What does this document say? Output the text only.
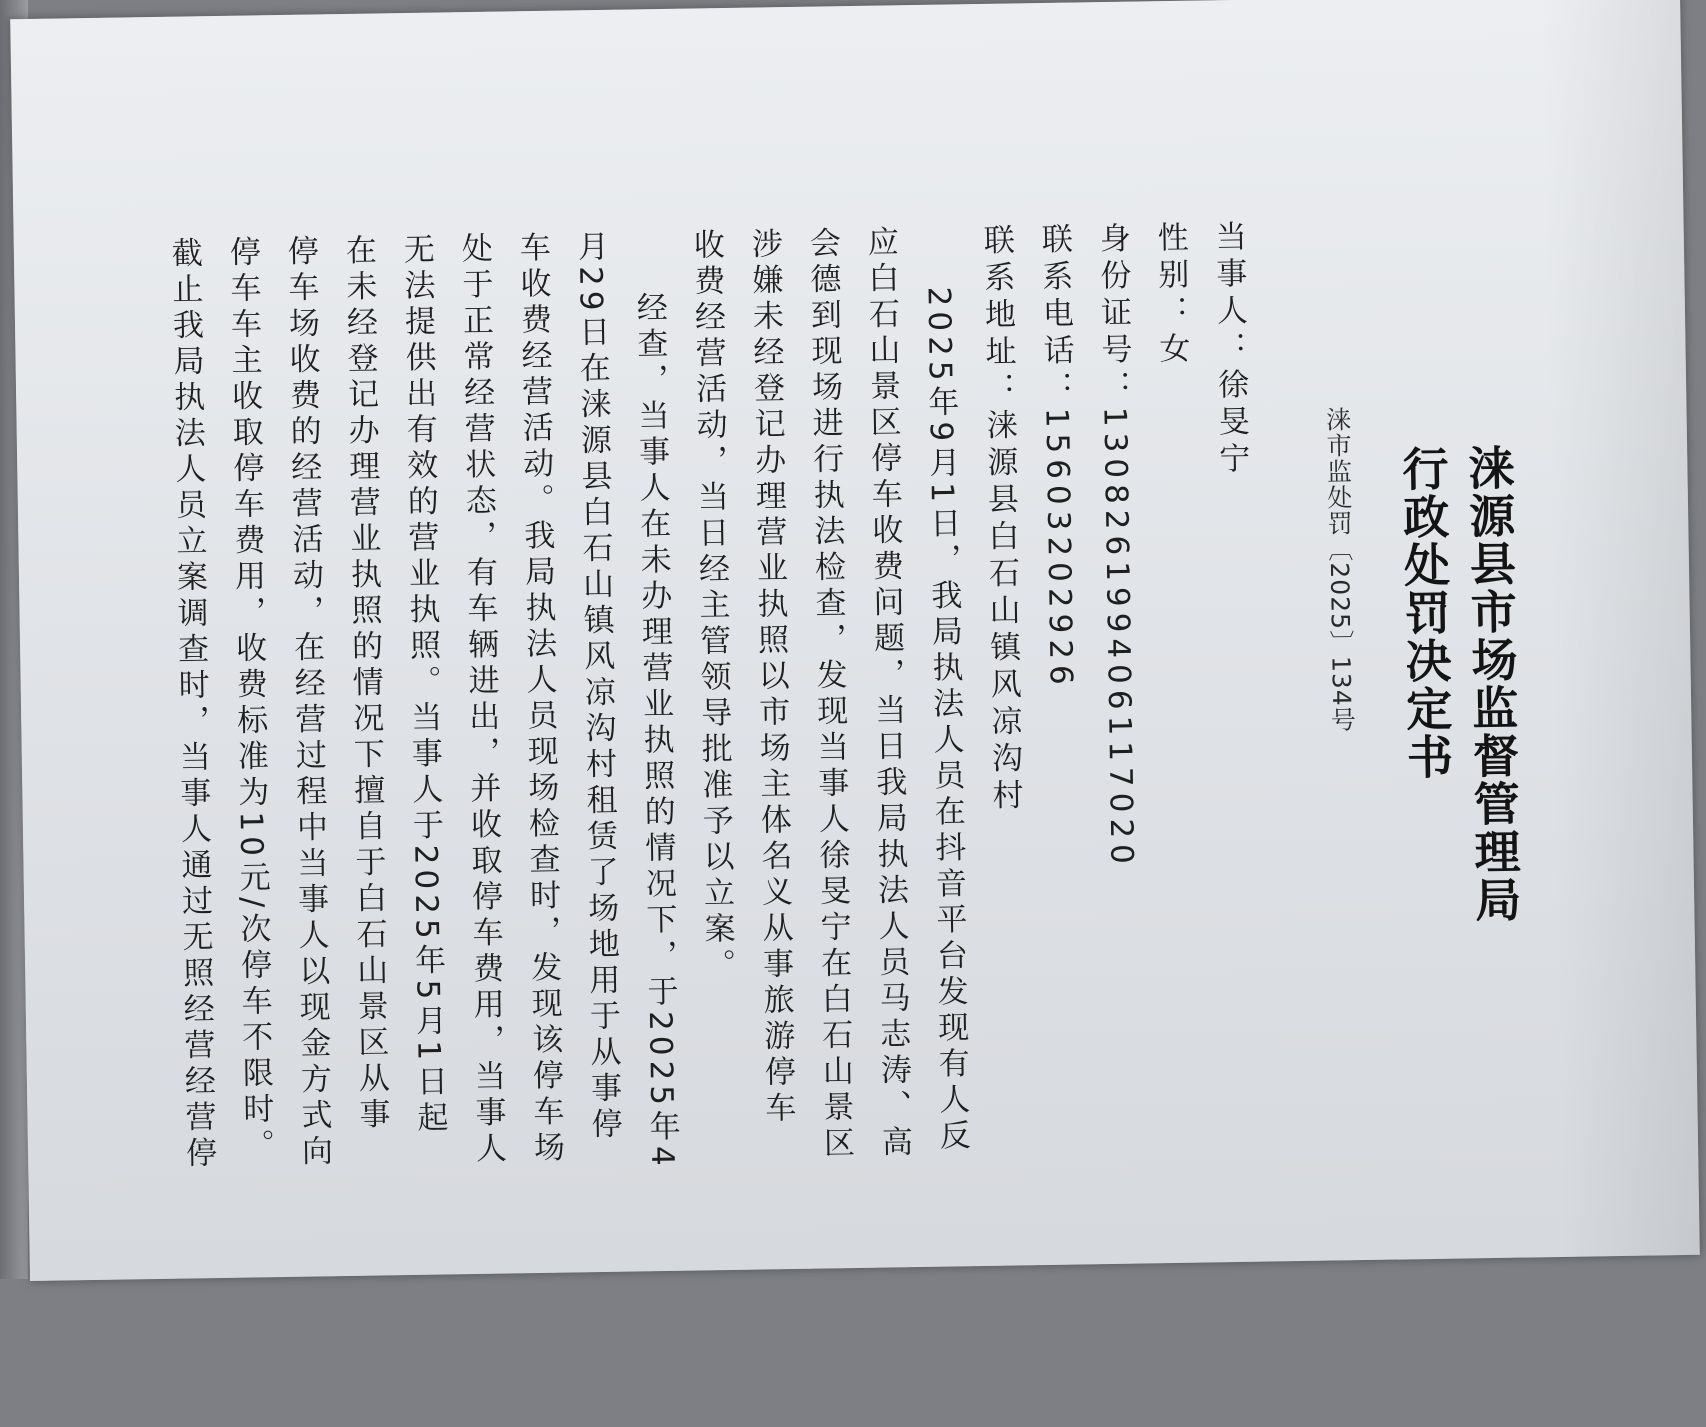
涞源县市场监督管理局
行政处罚决定书
涞市监处罚〔2025〕134号
当事人：徐旻宁
性别：女
身份证号：130826199406117020
联系电话：15603202926
联系地址：涞源县白石山镇风凉沟村
2025年9月1日，我局执法人员在抖音平台发现有人反
应白石山景区停车收费问题，当日我局执法人员马志涛、高
会德到现场进行执法检查，发现当事人徐旻宁在白石山景区
涉嫌未经登记办理营业执照以市场主体名义从事旅游停车
收费经营活动，当日经主管领导批准予以立案。
经查，当事人在未办理营业执照的情况下，于2025年4
月29日在涞源县白石山镇风凉沟村租赁了场地用于从事停
车收费经营活动。我局执法人员现场检查时，发现该停车场
处于正常经营状态，有车辆进出，并收取停车费用，当事人
无法提供出有效的营业执照。当事人于2025年5月1日起
在未经登记办理营业执照的情况下擅自于白石山景区从事
停车场收费的经营活动，在经营过程中当事人以现金方式向
停车车主收取停车费用，收费标准为10元/次停车不限时。
截止我局执法人员立案调查时，当事人通过无照经营经营停
